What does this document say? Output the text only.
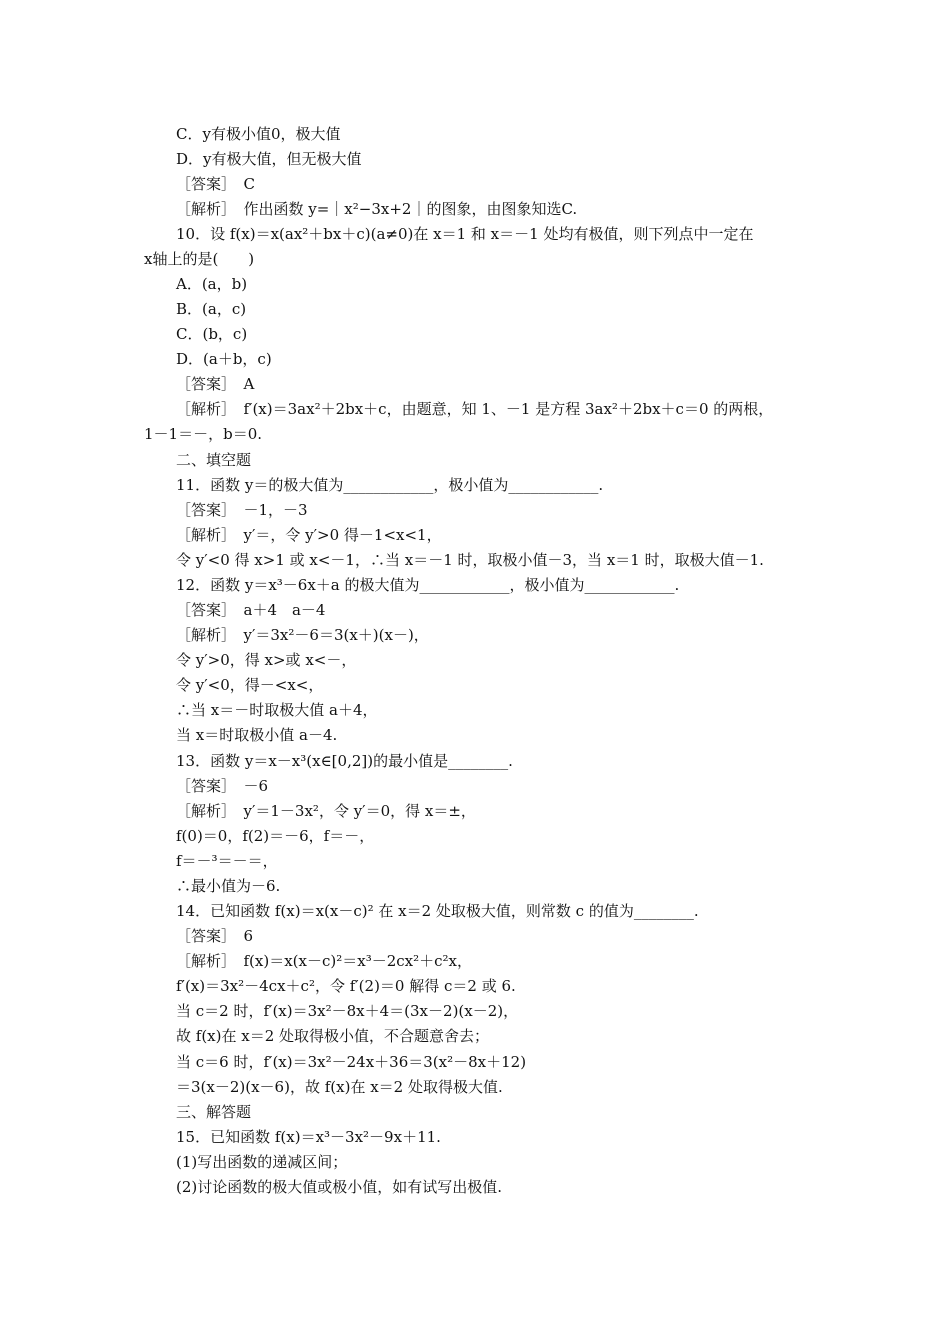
C．y有极小值0，极大值
D．y有极大值，但无极大值
［答案］　C
［解析］　作出函数 y=｜x²−3x+2｜的图象，由图象知选C.
10．设 f(x)＝x(ax²＋bx＋c)(a≠0)在 x＝1 和 x＝－1 处均有极值，则下列点中一定在
x轴上的是(　　)
A．(a，b)
B．(a，c)
C．(b，c)
D．(a＋b，c)
［答案］　A
［解析］　f′(x)＝3ax²＋2bx＋c，由题意，知 1、－1 是方程 3ax²＋2bx＋c＝0 的两根，
1－1＝－，b＝0.
二、填空题
11．函数 y＝的极大值为____________，极小值为____________.
［答案］　－1，－3
［解析］　y′＝，令 y′>0 得－1<x<1，
令 y′<0 得 x>1 或 x<－1，∴当 x＝－1 时，取极小值－3，当 x＝1 时，取极大值－1.
12．函数 y＝x³－6x＋a 的极大值为____________，极小值为____________.
［答案］　a＋4　a－4
［解析］　y′＝3x²－6＝3(x＋)(x－)，
令 y′>0，得 x>或 x<－，
令 y′<0，得－<x<，
∴当 x＝－时取极大值 a＋4，
当 x＝时取极小值 a－4.
13．函数 y＝x－x³(x∈[0,2])的最小值是________.
［答案］　－6
［解析］　y′＝1－3x²，令 y′＝0，得 x＝±，
f(0)＝0，f(2)＝－6，f＝－，
f＝－³＝－＝，
∴最小值为－6.
14．已知函数 f(x)＝x(x－c)² 在 x＝2 处取极大值，则常数 c 的值为________.
［答案］　6
［解析］　f(x)＝x(x－c)²＝x³－2cx²＋c²x，
f′(x)＝3x²－4cx＋c²，令 f′(2)＝0 解得 c＝2 或 6.
当 c＝2 时，f′(x)＝3x²－8x＋4＝(3x－2)(x－2)，
故 f(x)在 x＝2 处取得极小值，不合题意舍去；
当 c＝6 时，f′(x)＝3x²－24x＋36＝3(x²－8x＋12)
＝3(x－2)(x－6)，故 f(x)在 x＝2 处取得极大值.
三、解答题
15．已知函数 f(x)＝x³－3x²－9x＋11.
(1)写出函数的递减区间；
(2)讨论函数的极大值或极小值，如有试写出极值.
